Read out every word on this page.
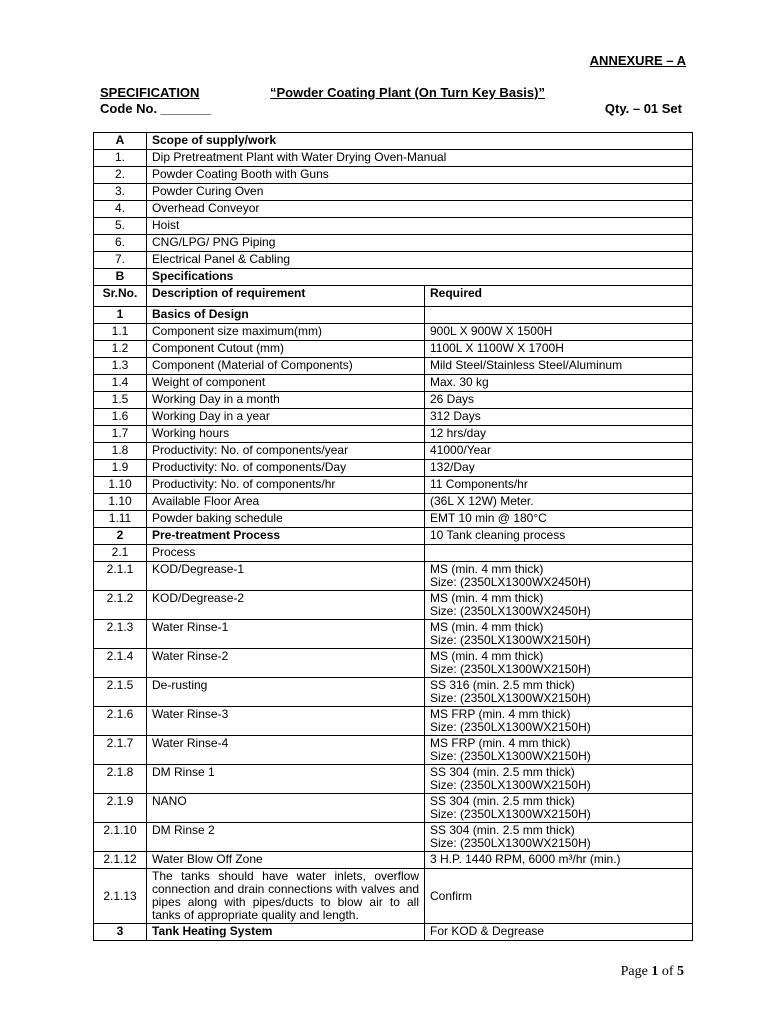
ANNEXURE – A
SPECIFICATION	“Powder Coating Plant (On Turn Key Basis)”
Code No. _______	Qty. – 01 Set
A	Scope of supply/work	
1.	Dip Pretreatment Plant with Water Drying Oven-Manual	
2.	Powder Coating Booth with Guns	
3.	Powder Curing Oven	
4.	Overhead Conveyor	
5.	Hoist	
6.	CNG/LPG/ PNG Piping	
7.	Electrical Panel & Cabling	
B	Specifications	
Sr.No.	Description of requirement	Required
1	Basics of Design	
1.1	Component size maximum(mm)	900L X 900W X 1500H
1.2	Component Cutout (mm)	1100L X 1100W X 1700H
1.3	Component (Material of Components)	Mild Steel/Stainless Steel/Aluminum
1.4	Weight of component	Max. 30 kg
1.5	Working Day in a month	26 Days
1.6	Working Day in a year	312 Days
1.7	Working hours	12 hrs/day
1.8	Productivity: No. of components/year	41000/Year
1.9	Productivity: No. of components/Day	132/Day
1.10	Productivity: No. of components/hr	11 Components/hr
1.10	Available Floor Area	(36L X 12W) Meter.
1.11	Powder baking schedule	EMT 10 min @ 180°C
2	Pre-treatment Process	10 Tank cleaning process
2.1	Process	
2.1.1	KOD/Degrease-1	MS (min. 4 mm thick)
Size: (2350LX1300WX2450H)

2.1.2	KOD/Degrease-2	MS (min. 4 mm thick)
Size: (2350LX1300WX2450H)

2.1.3	Water Rinse-1	MS (min. 4 mm thick)
Size: (2350LX1300WX2150H)

2.1.4	Water Rinse-2	MS (min. 4 mm thick)
Size: (2350LX1300WX2150H)

2.1.5	De-rusting	SS 316 (min. 2.5 mm thick)
Size: (2350LX1300WX2150H)

2.1.6	Water Rinse-3	MS FRP (min. 4 mm thick)
Size: (2350LX1300WX2150H)

2.1.7	Water Rinse-4	MS FRP (min. 4 mm thick)
Size: (2350LX1300WX2150H)

2.1.8	DM Rinse 1	SS 304 (min. 2.5 mm thick)
Size: (2350LX1300WX2150H)

2.1.9	NANO	SS 304 (min. 2.5 mm thick)
Size: (2350LX1300WX2150H)

2.1.10	DM Rinse 2	SS 304 (min. 2.5 mm thick)
Size: (2350LX1300WX2150H)

2.1.12	Water Blow Off Zone	3 H.P. 1440 RPM, 6000 m³/hr (min.)
2.1.13	The tanks should have water inlets, overflow connection and drain connections with valves and pipes along with pipes/ducts to blow air to all tanks of appropriate quality and length.	Confirm
3	Tank Heating System	For KOD & Degrease
Page 1 of 5
